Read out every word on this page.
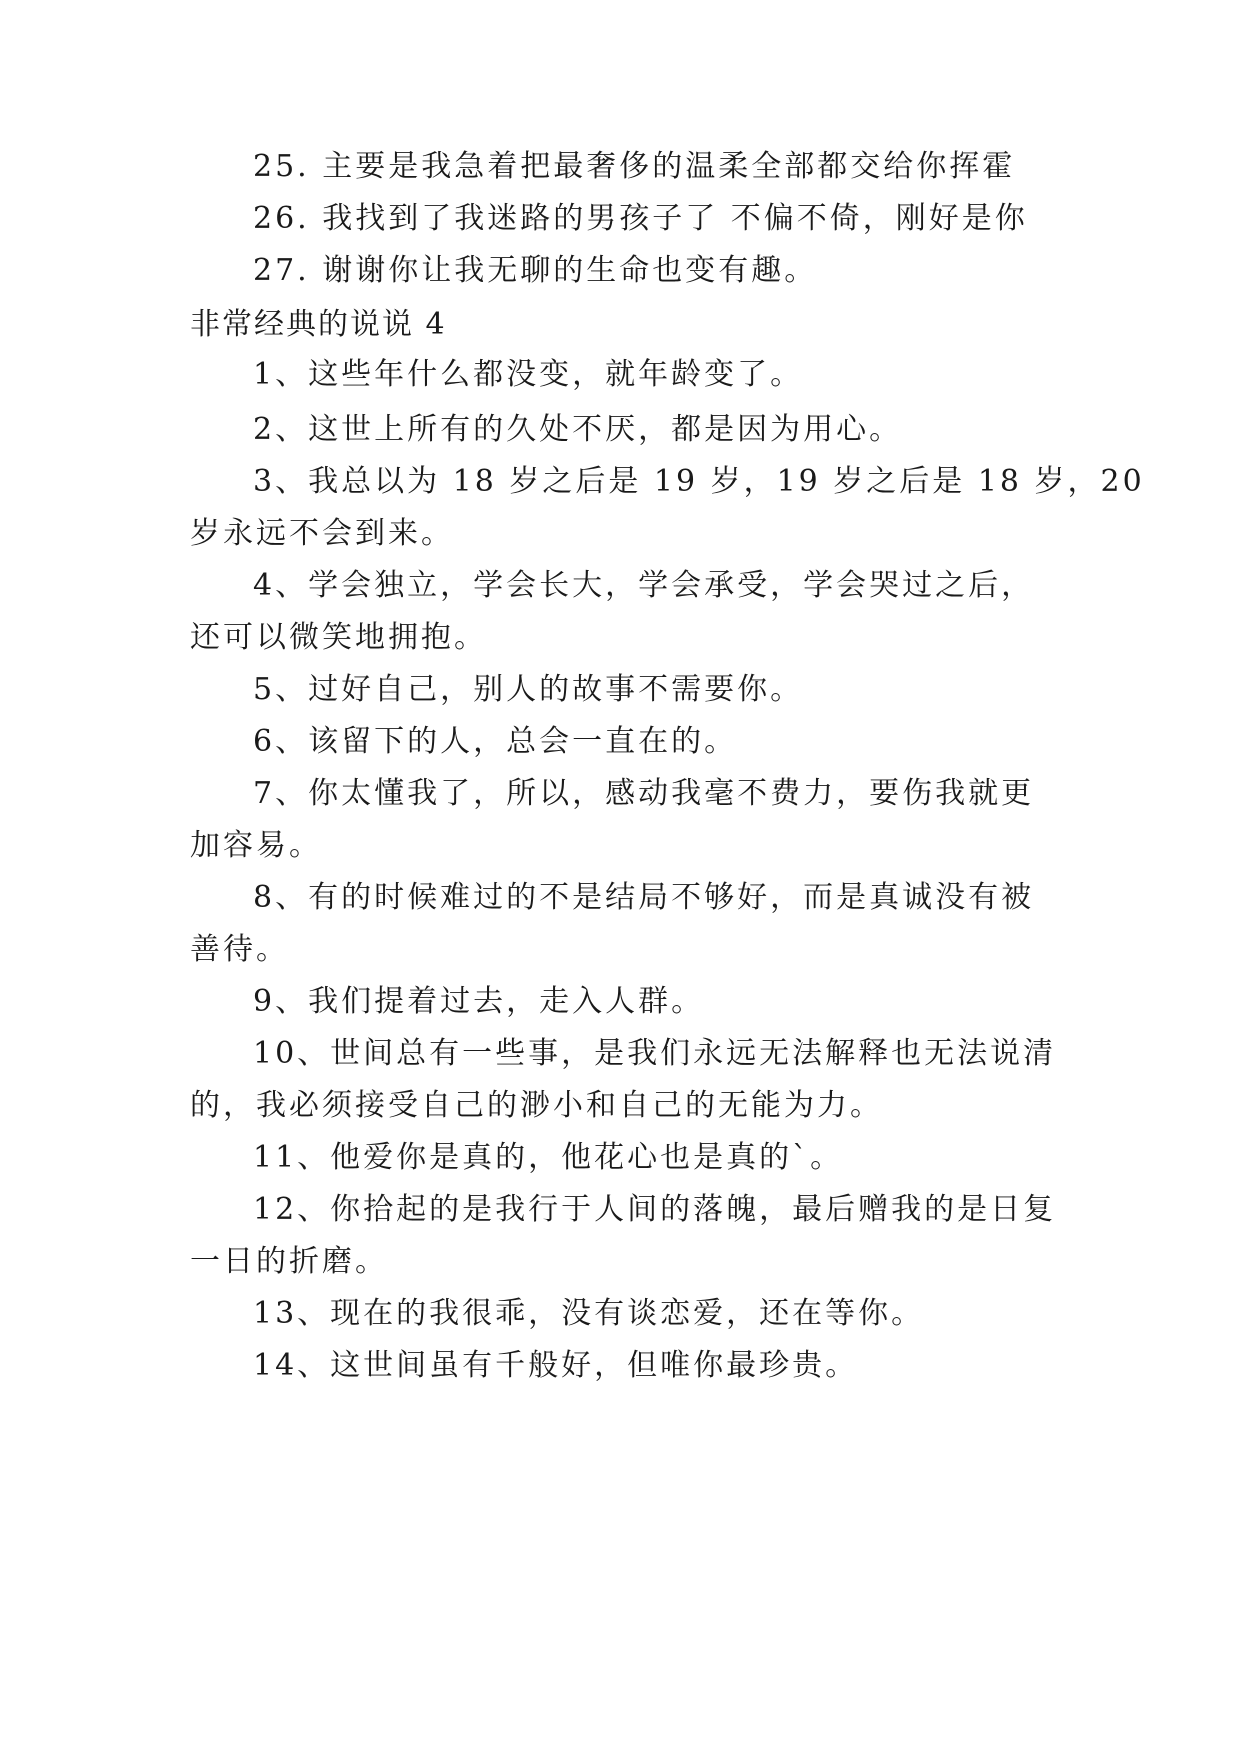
25. 主要是我急着把最奢侈的温柔全部都交给你挥霍
26. 我找到了我迷路的男孩子了 不偏不倚，刚好是你
27. 谢谢你让我无聊的生命也变有趣。
非常经典的说说 4
1、这些年什么都没变，就年龄变了。
2、这世上所有的久处不厌，都是因为用心。
3、我总以为 18 岁之后是 19 岁，19 岁之后是 18 岁，20
岁永远不会到来。
4、学会独立，学会长大，学会承受，学会哭过之后，
还可以微笑地拥抱。
5、过好自己，别人的故事不需要你。
6、该留下的人，总会一直在的。
7、你太懂我了，所以，感动我毫不费力，要伤我就更
加容易。
8、有的时候难过的不是结局不够好，而是真诚没有被
善待。
9、我们提着过去，走入人群。
10、世间总有一些事，是我们永远无法解释也无法说清
的，我必须接受自己的渺小和自己的无能为力。
11、他爱你是真的，他花心也是真的`。
12、你拾起的是我行于人间的落魄，最后赠我的是日复
一日的折磨。
13、现在的我很乖，没有谈恋爱，还在等你。
14、这世间虽有千般好，但唯你最珍贵。
